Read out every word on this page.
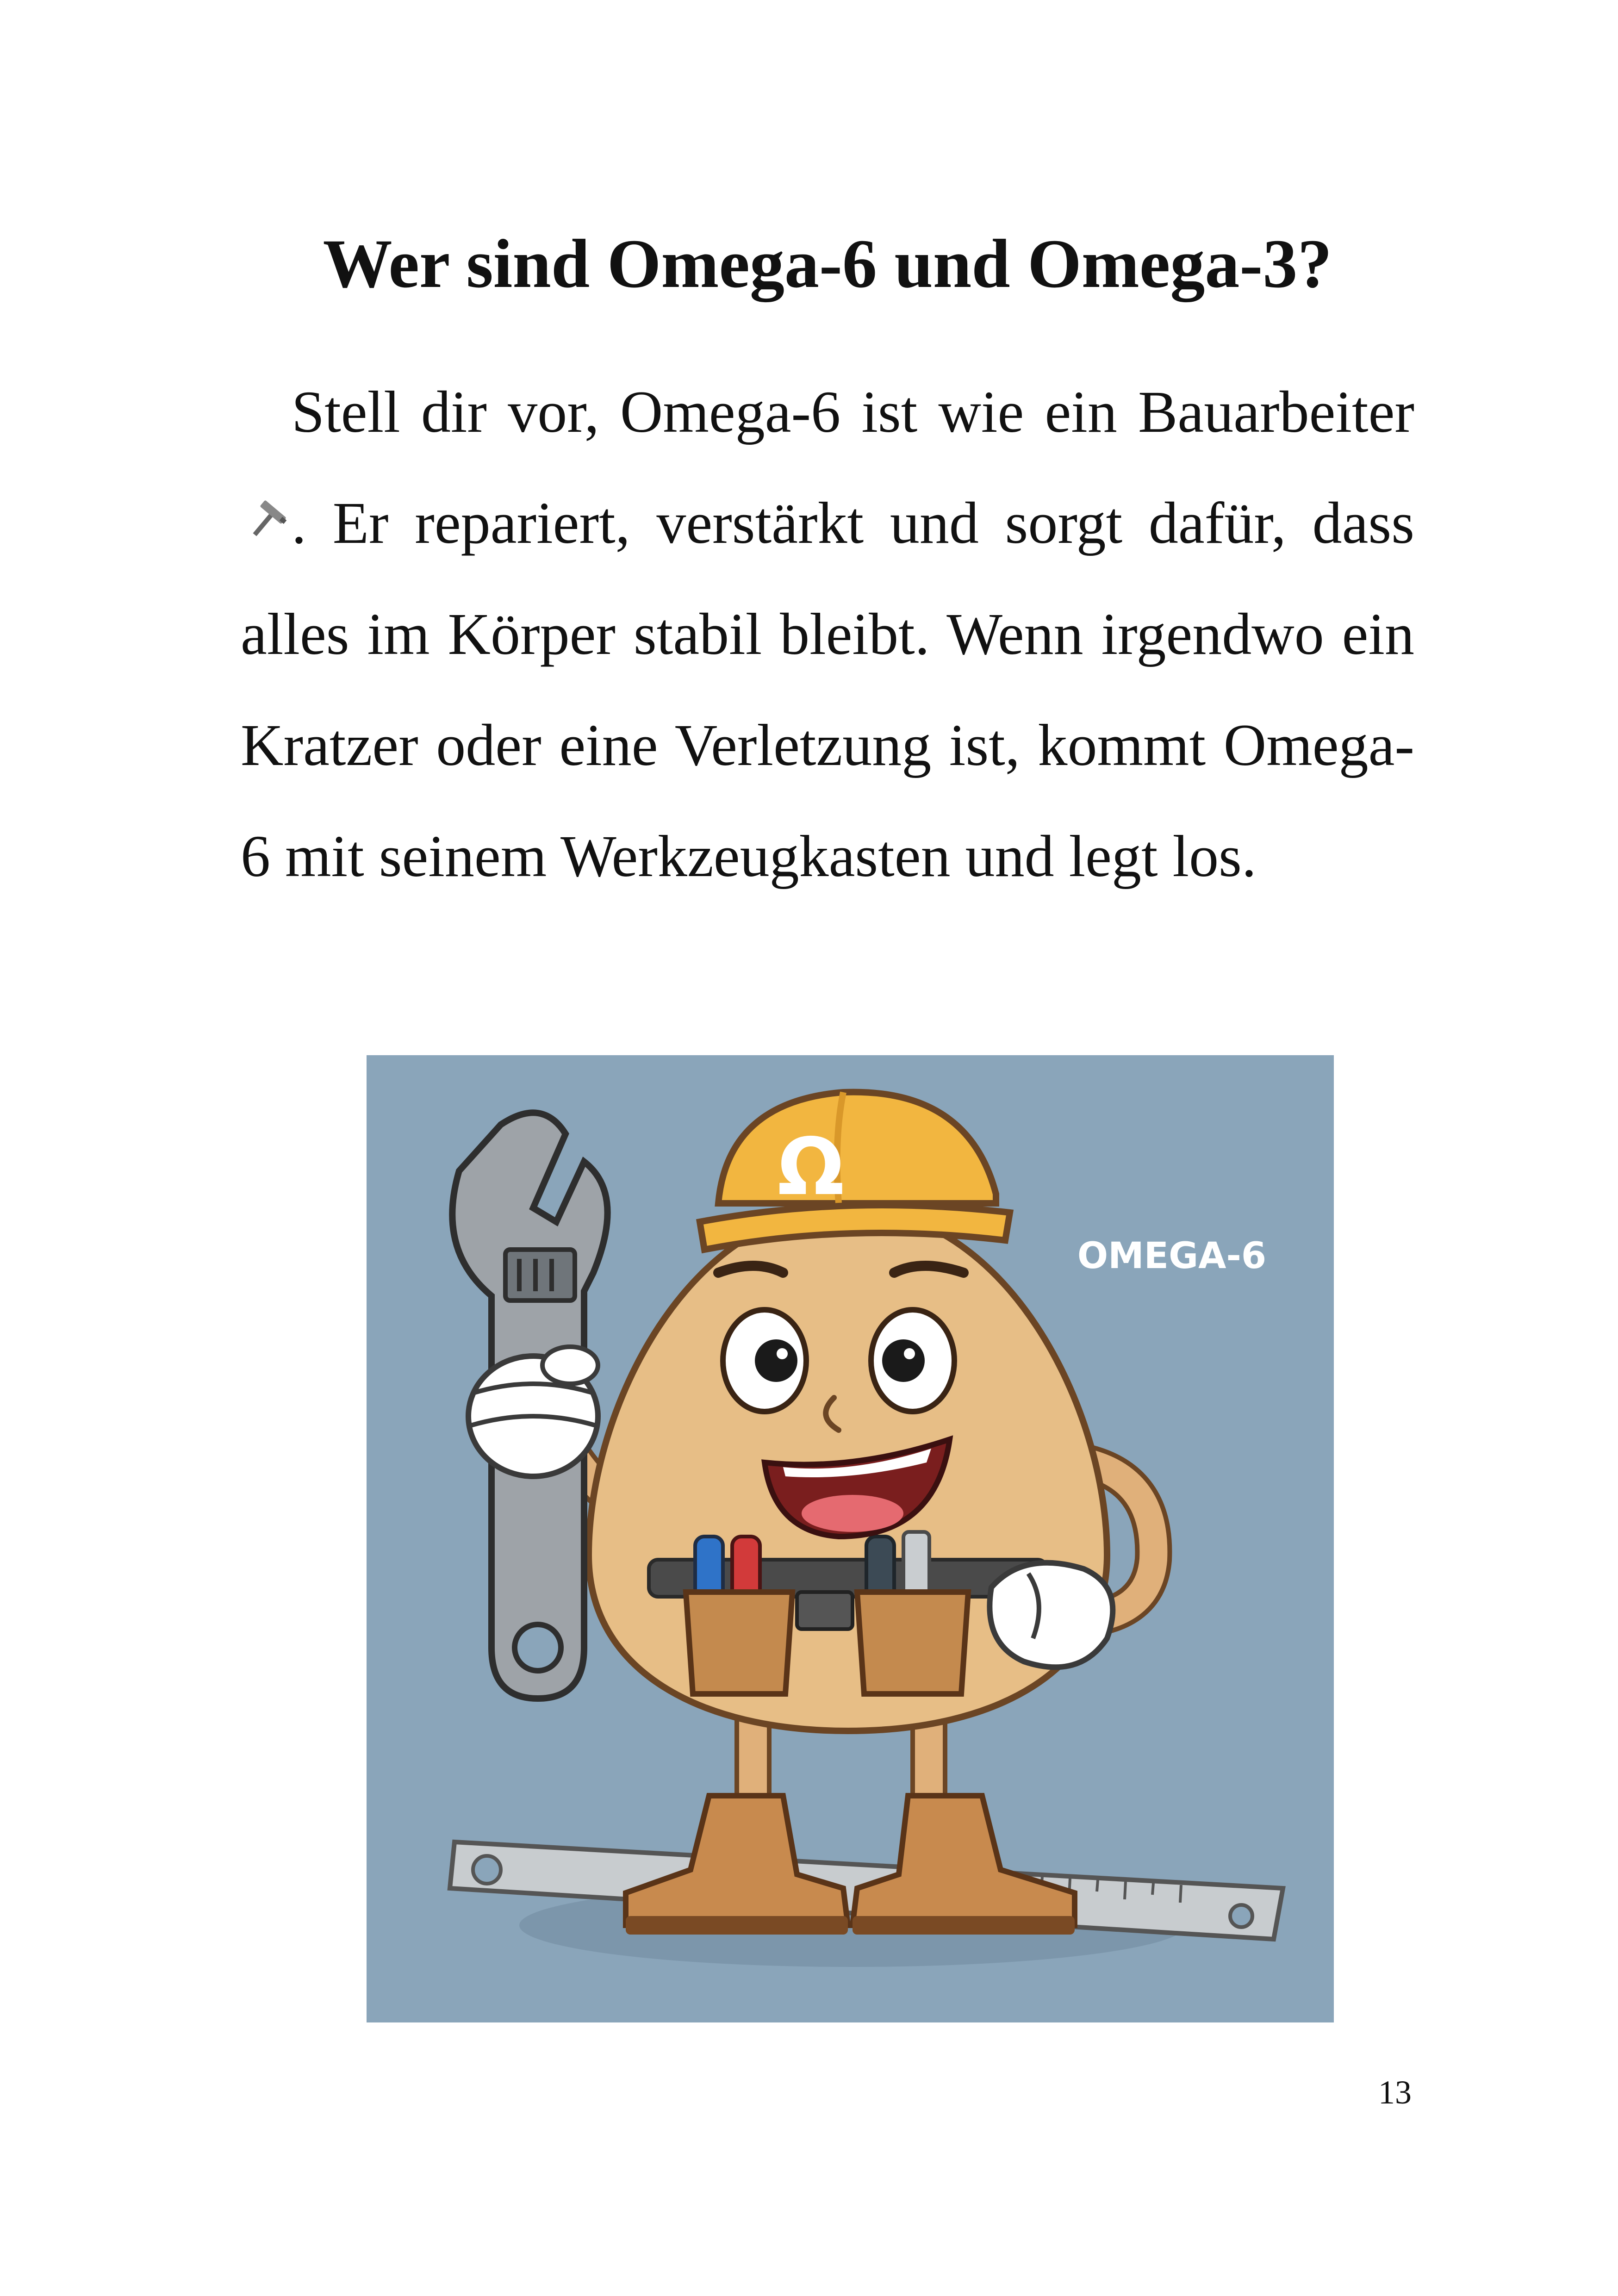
Wer sind Omega-6 und Omega-3?

Stell dir vor, Omega-6 ist wie ein Bauarbeiter . Er repariert, verstärkt und sorgt dafür, dass alles im Körper stabil bleibt. Wenn irgendwo ein Kratzer oder eine Verletzung ist, kommt Omega-6 mit seinem Werkzeugkasten und legt los.

Ω
OMEGA-6
13
